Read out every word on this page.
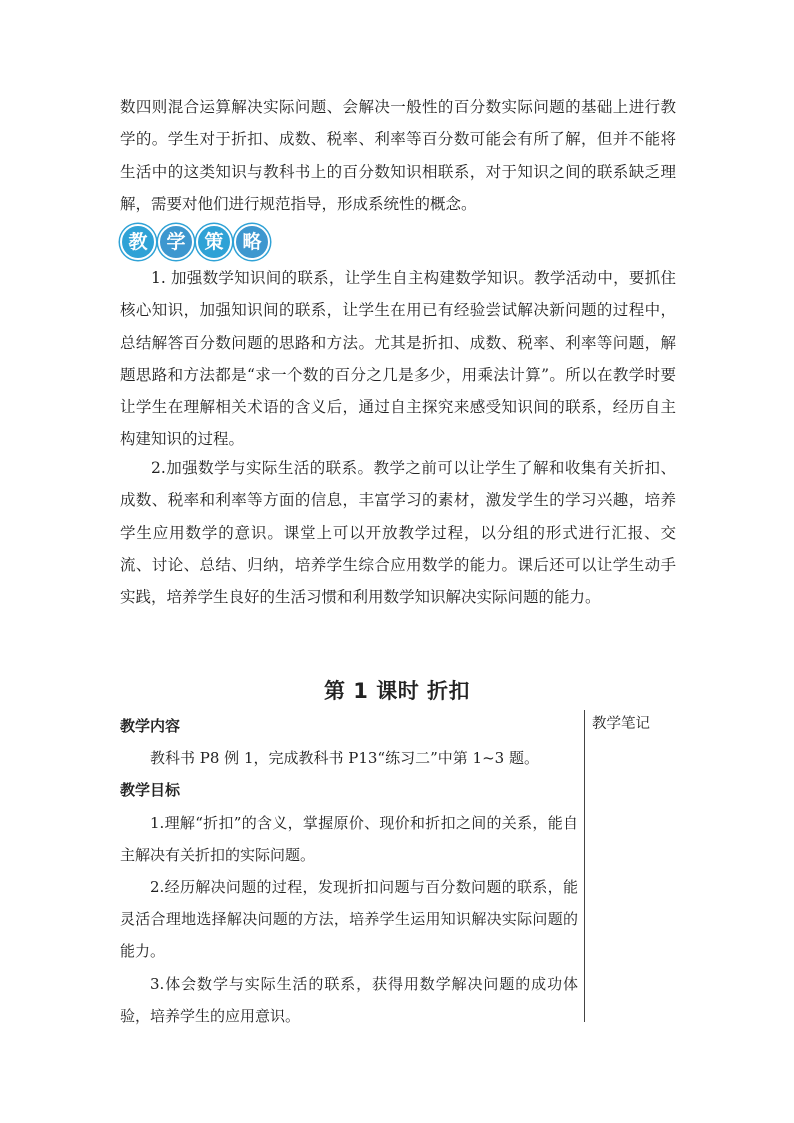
数四则混合运算解决实际问题、会解决一般性的百分数实际问题的基础上进行教学的。学生对于折扣、成数、税率、利率等百分数可能会有所了解，但并不能将生活中的这类知识与教科书上的百分数知识相联系，对于知识之间的联系缺乏理解，需要对他们进行规范指导，形成系统性的概念。

教 学 策 略

1. 加强数学知识间的联系，让学生自主构建数学知识。教学活动中，要抓住核心知识，加强知识间的联系，让学生在用已有经验尝试解决新问题的过程中，总结解答百分数问题的思路和方法。尤其是折扣、成数、税率、利率等问题，解题思路和方法都是“求一个数的百分之几是多少，用乘法计算”。所以在教学时要让学生在理解相关术语的含义后，通过自主探究来感受知识间的联系，经历自主构建知识的过程。

2.加强数学与实际生活的联系。教学之前可以让学生了解和收集有关折扣、成数、税率和利率等方面的信息，丰富学习的素材，激发学生的学习兴趣，培养学生应用数学的意识。课堂上可以开放教学过程，以分组的形式进行汇报、交流、讨论、总结、归纳，培养学生综合应用数学的能力。课后还可以让学生动手实践，培养学生良好的生活习惯和利用数学知识解决实际问题的能力。

第 1 课时 折扣

教学内容

教科书 P8 例 1，完成教科书 P13“练习二”中第 1~3 题。

教学目标

1.理解“折扣”的含义，掌握原价、现价和折扣之间的关系，能自主解决有关折扣的实际问题。

2.经历解决问题的过程，发现折扣问题与百分数问题的联系，能灵活合理地选择解决问题的方法，培养学生运用知识解决实际问题的能力。

3.体会数学与实际生活的联系，获得用数学解决问题的成功体验，培养学生的应用意识。

教学笔记
